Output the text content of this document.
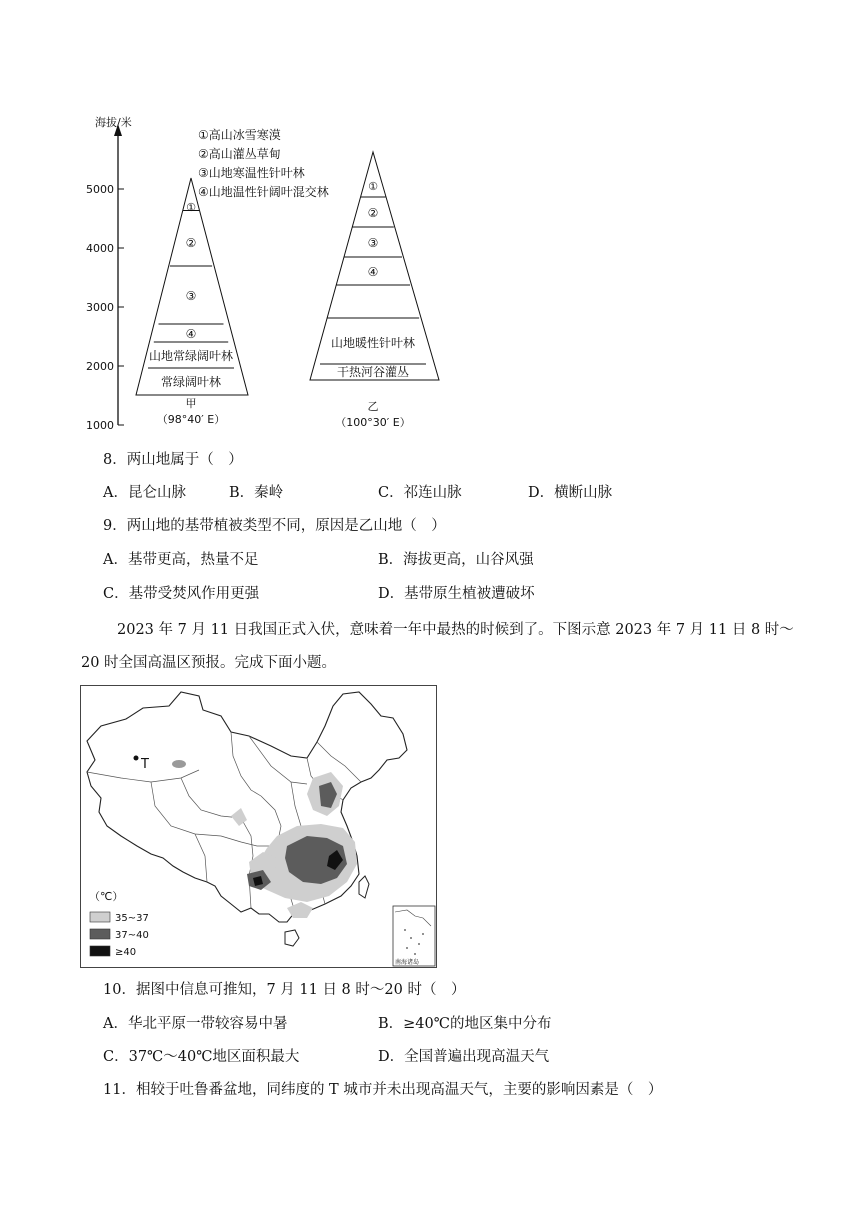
海拔/米
5000
4000
3000
2000
1000
①高山冰雪寒漠
②高山灌丛草甸
③山地寒温性针叶林
④山地温性针阔叶混交林
①
②
③
④
山地常绿阔叶林
常绿阔叶林
甲
（98°40′ E）
①
②
③
④
山地暖性针叶林
干热河谷灌丛
乙
（100°30′ E）
8．两山地属于（　）
A．昆仑山脉	B．秦岭	C．祁连山脉	D．横断山脉
9．两山地的基带植被类型不同，原因是乙山地（　）
A．基带更高，热量不足	B．海拔更高，山谷风强
C．基带受焚风作用更强	D．基带原生植被遭破坏
2023 年 7 月 11 日我国正式入伏，意味着一年中最热的时候到了。下图示意 2023 年 7 月 11 日 8 时～
20 时全国高温区预报。完成下面小题。
T
南海诸岛
（℃）
35~37
37~40
≥40
10．据图中信息可推知，7 月 11 日 8 时～20 时（　）
A．华北平原一带较容易中暑	B．≥40℃的地区集中分布
C．37℃～40℃地区面积最大	D．全国普遍出现高温天气
11．相较于吐鲁番盆地，同纬度的 T 城市并未出现高温天气，主要的影响因素是（　）
